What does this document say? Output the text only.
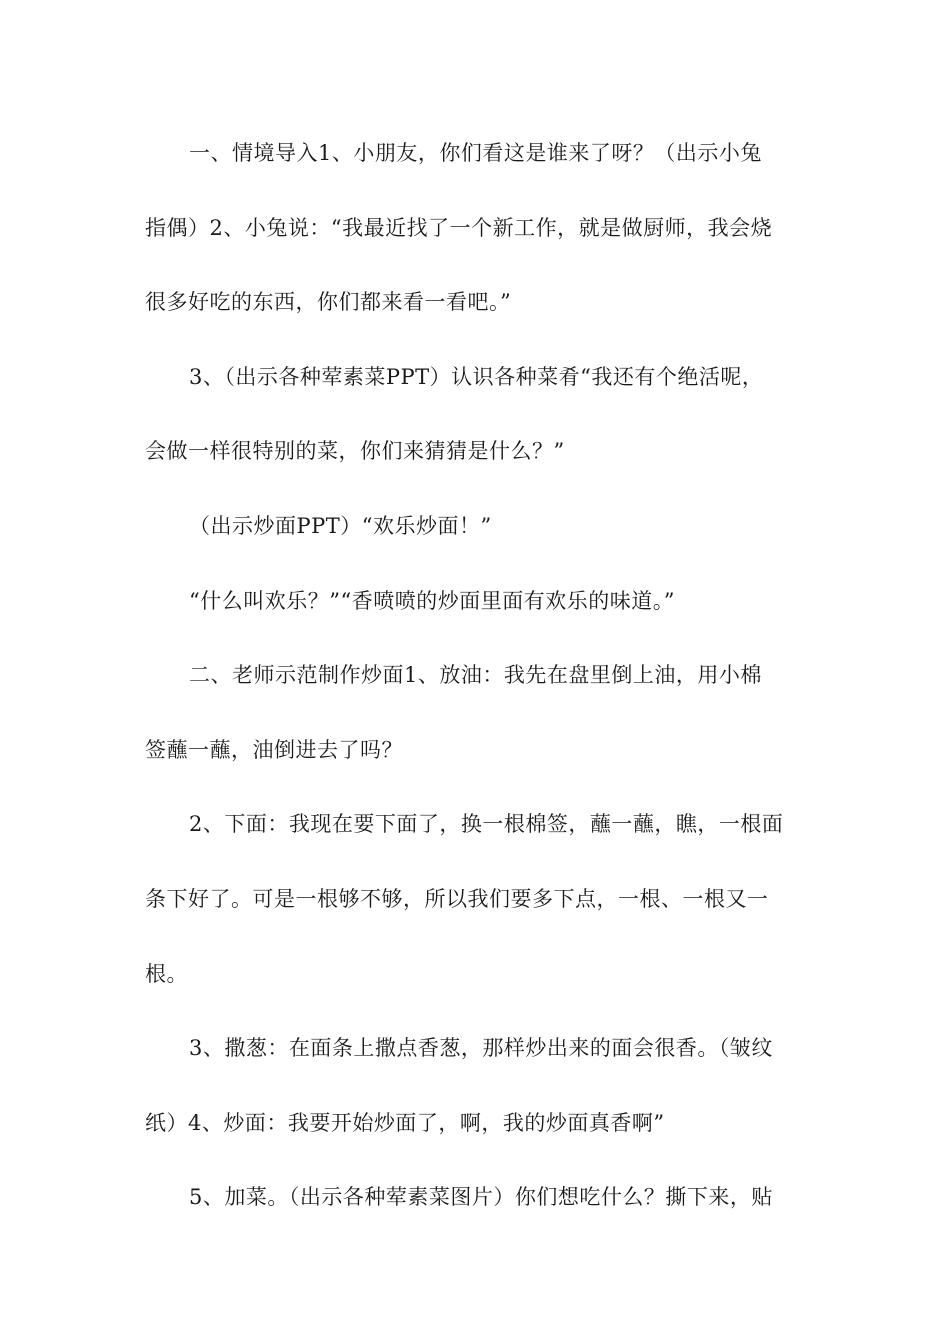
一、情境导入1、小朋友，你们看这是谁来了呀？（出示小兔
指偶）2、小兔说：“我最近找了一个新工作，就是做厨师，我会烧
很多好吃的东西，你们都来看一看吧。”
3、（出示各种荤素菜PPT）认识各种菜肴“我还有个绝活呢，
会做一样很特别的菜，你们来猜猜是什么？”
（出示炒面PPT）“欢乐炒面！”
“什么叫欢乐？”“香喷喷的炒面里面有欢乐的味道。”
二、老师示范制作炒面1、放油：我先在盘里倒上油，用小棉
签蘸一蘸，油倒进去了吗？
2、下面：我现在要下面了，换一根棉签，蘸一蘸，瞧，一根面
条下好了。可是一根够不够，所以我们要多下点，一根、一根又一
根。
3、撒葱：在面条上撒点香葱，那样炒出来的面会很香。（皱纹
纸）4、炒面：我要开始炒面了，啊，我的炒面真香啊”
5、加菜。（出示各种荤素菜图片）你们想吃什么？撕下来，贴
